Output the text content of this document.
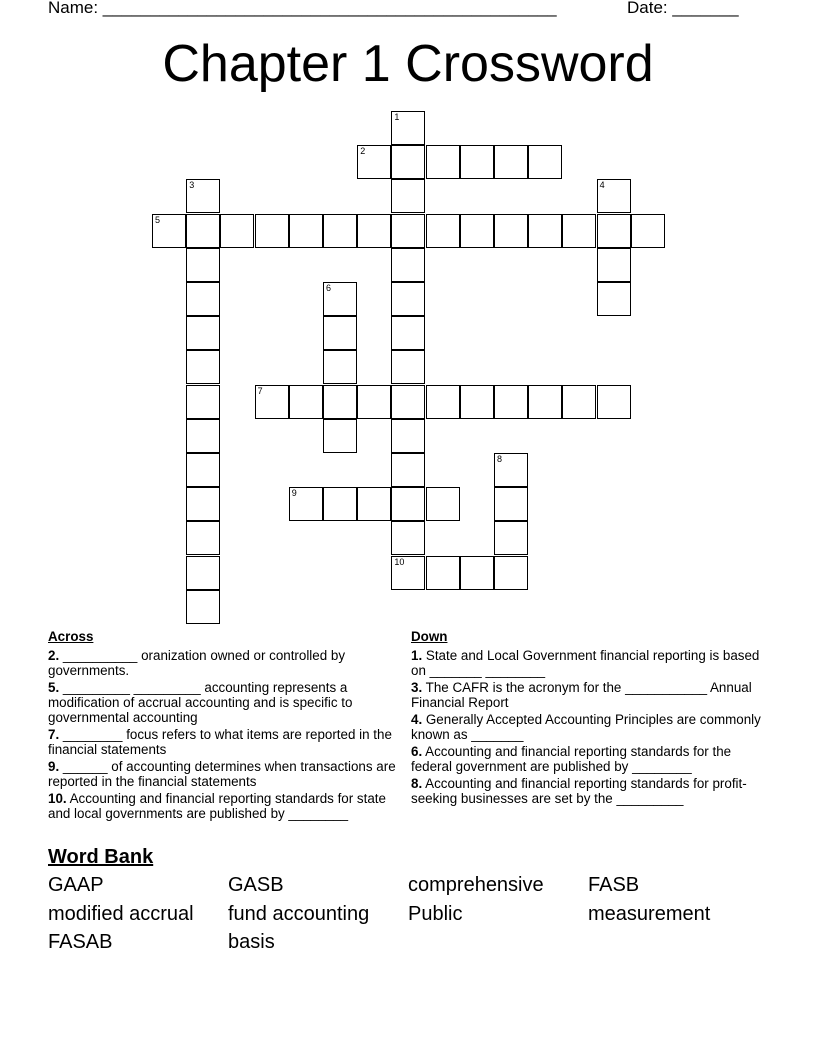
Name: ________________________________________________	Date: _______
Chapter 1 Crossword
1
10
2
3	4
5
6
7
8
9
Across
2. __________ oranization owned or controlled by governments.
5. _________ _________ accounting represents a modification of accrual accounting and is specific to governmental accounting
7. ________ focus refers to what items are reported in the financial statements
9. ______ of accounting determines when transactions are reported in the financial statements
10. Accounting and financial reporting standards for state and local governments are published by ________
Down
1. State and Local Government financial reporting is based on _______ ________
3. The CAFR is the acronym for the ___________ Annual Financial Report
4. Generally Accepted Accounting Principles are commonly known as _______
6. Accounting and financial reporting standards for the federal government are published by ________
8. Accounting and financial reporting standards for profit-seeking businesses are set by the _________
Word Bank
GAAP	GASB	comprehensive	FASB
modified accrual	fund accounting	Public	measurement
FASAB	basis
